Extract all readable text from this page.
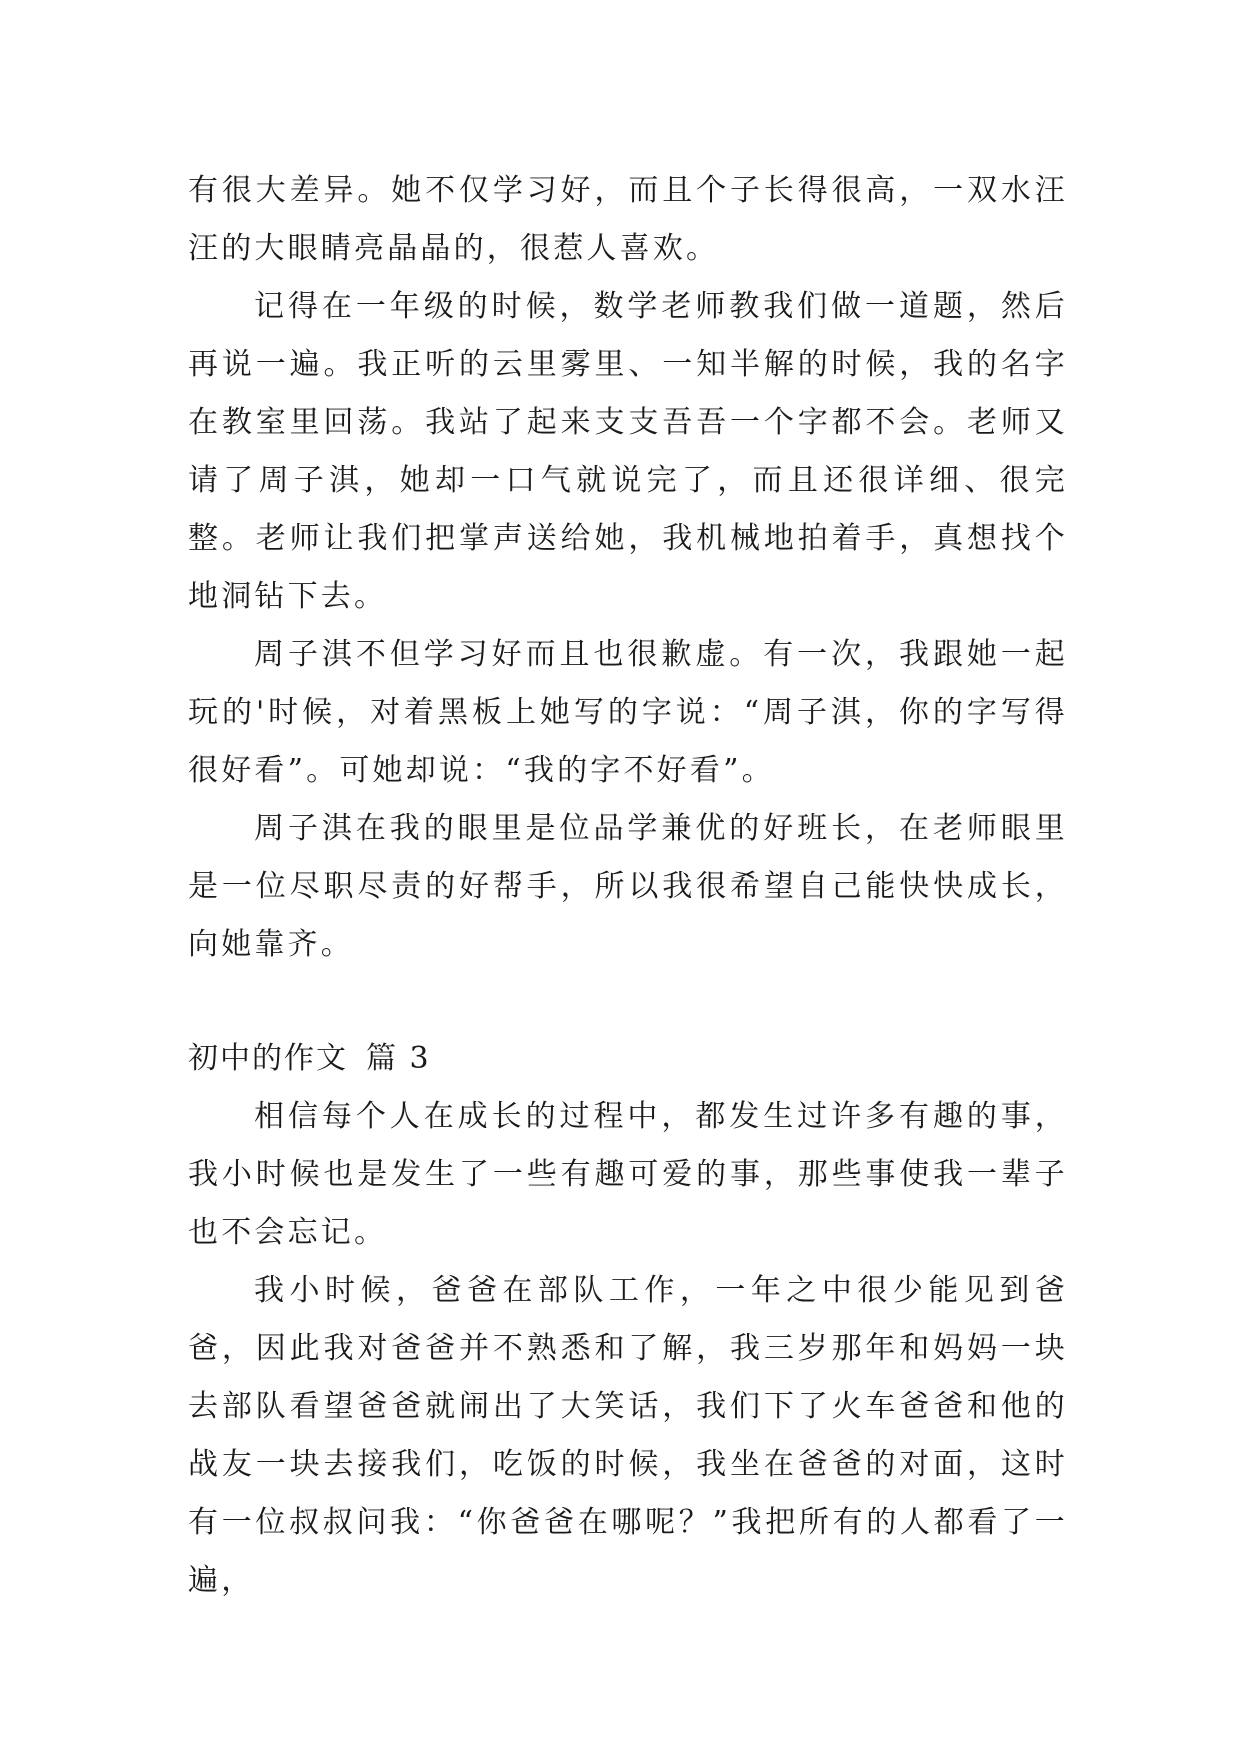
有很大差异。她不仅学习好，而且个子长得很高，一双水汪汪的大眼睛亮晶晶的，很惹人喜欢。

记得在一年级的时候，数学老师教我们做一道题，然后再说一遍。我正听的云里雾里、一知半解的时候，我的名字在教室里回荡。我站了起来支支吾吾一个字都不会。老师又请了周子淇，她却一口气就说完了，而且还很详细、很完整。老师让我们把掌声送给她，我机械地拍着手，真想找个地洞钻下去。

周子淇不但学习好而且也很歉虚。有一次，我跟她一起玩的'时候，对着黑板上她写的字说：“周子淇，你的字写得很好看”。可她却说：“我的字不好看”。

周子淇在我的眼里是位品学兼优的好班长，在老师眼里是一位尽职尽责的好帮手，所以我很希望自己能快快成长，向她靠齐。

初中的作文 篇 3

相信每个人在成长的过程中，都发生过许多有趣的事，我小时候也是发生了一些有趣可爱的事，那些事使我一辈子也不会忘记。

我小时候，爸爸在部队工作，一年之中很少能见到爸爸，因此我对爸爸并不熟悉和了解，我三岁那年和妈妈一块去部队看望爸爸就闹出了大笑话，我们下了火车爸爸和他的战友一块去接我们，吃饭的时候，我坐在爸爸的对面，这时有一位叔叔问我：“你爸爸在哪呢？”我把所有的人都看了一遍，
